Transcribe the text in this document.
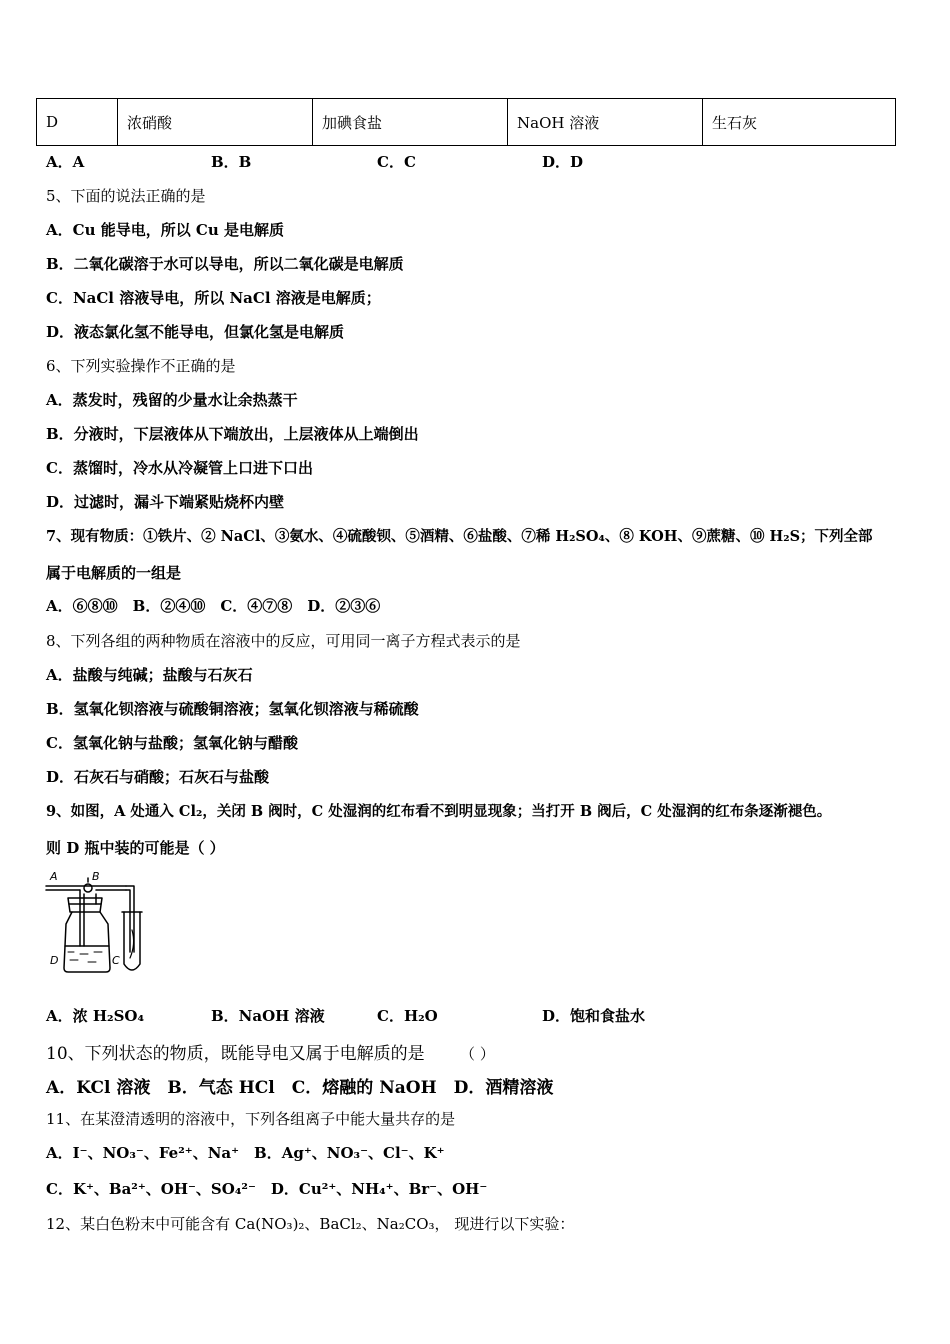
D	浓硝酸	加碘食盐	NaOH 溶液	生石灰
A．A	B．B	C．C	D．D
5、下面的说法正确的是
A．Cu 能导电，所以 Cu 是电解质
B．二氧化碳溶于水可以导电，所以二氧化碳是电解质
C．NaCl 溶液导电，所以 NaCl 溶液是电解质；
D．液态氯化氢不能导电，但氯化氢是电解质
6、下列实验操作不正确的是
A．蒸发时，残留的少量水让余热蒸干
B．分液时，下层液体从下端放出，上层液体从上端倒出
C．蒸馏时，冷水从冷凝管上口进下口出
D．过滤时，漏斗下端紧贴烧杯内壁
7、现有物质：①铁片、② NaCl、③氨水、④硫酸钡、⑤酒精、⑥盐酸、⑦稀 H₂SO₄、⑧ KOH、⑨蔗糖、⑩ H₂S；下列全部
属于电解质的一组是
A．⑥⑧⑩　B．②④⑩　C．④⑦⑧　D．②③⑥
8、下列各组的两种物质在溶液中的反应，可用同一离子方程式表示的是
A．盐酸与纯碱；盐酸与石灰石
B．氢氧化钡溶液与硫酸铜溶液；氢氧化钡溶液与稀硫酸
C．氢氧化钠与盐酸；氢氧化钠与醋酸
D．石灰石与硝酸；石灰石与盐酸
9、如图，A 处通入 Cl₂，关闭 B 阀时，C 处湿润的红布看不到明显现象；当打开 B 阀后，C 处湿润的红布条逐渐褪色。
则 D 瓶中装的可能是（ ）
A	B
D	C
A．浓 H₂SO₄	B．NaOH 溶液	C．H₂O	D．饱和食盐水
10、下列状态的物质，既能导电又属于电解质的是 （ ）
A．KCl 溶液　B．气态 HCl　C．熔融的 NaOH　D．酒精溶液
11、在某澄清透明的溶液中，下列各组离子中能大量共存的是
A．I⁻、NO₃⁻、Fe²⁺、Na⁺　B．Ag⁺、NO₃⁻、Cl⁻、K⁺
C．K⁺、Ba²⁺、OH⁻、SO₄²⁻　D．Cu²⁺、NH₄⁺、Br⁻、OH⁻
12、某白色粉末中可能含有 Ca(NO₃)₂、BaCl₂、Na₂CO₃， 现进行以下实验：
